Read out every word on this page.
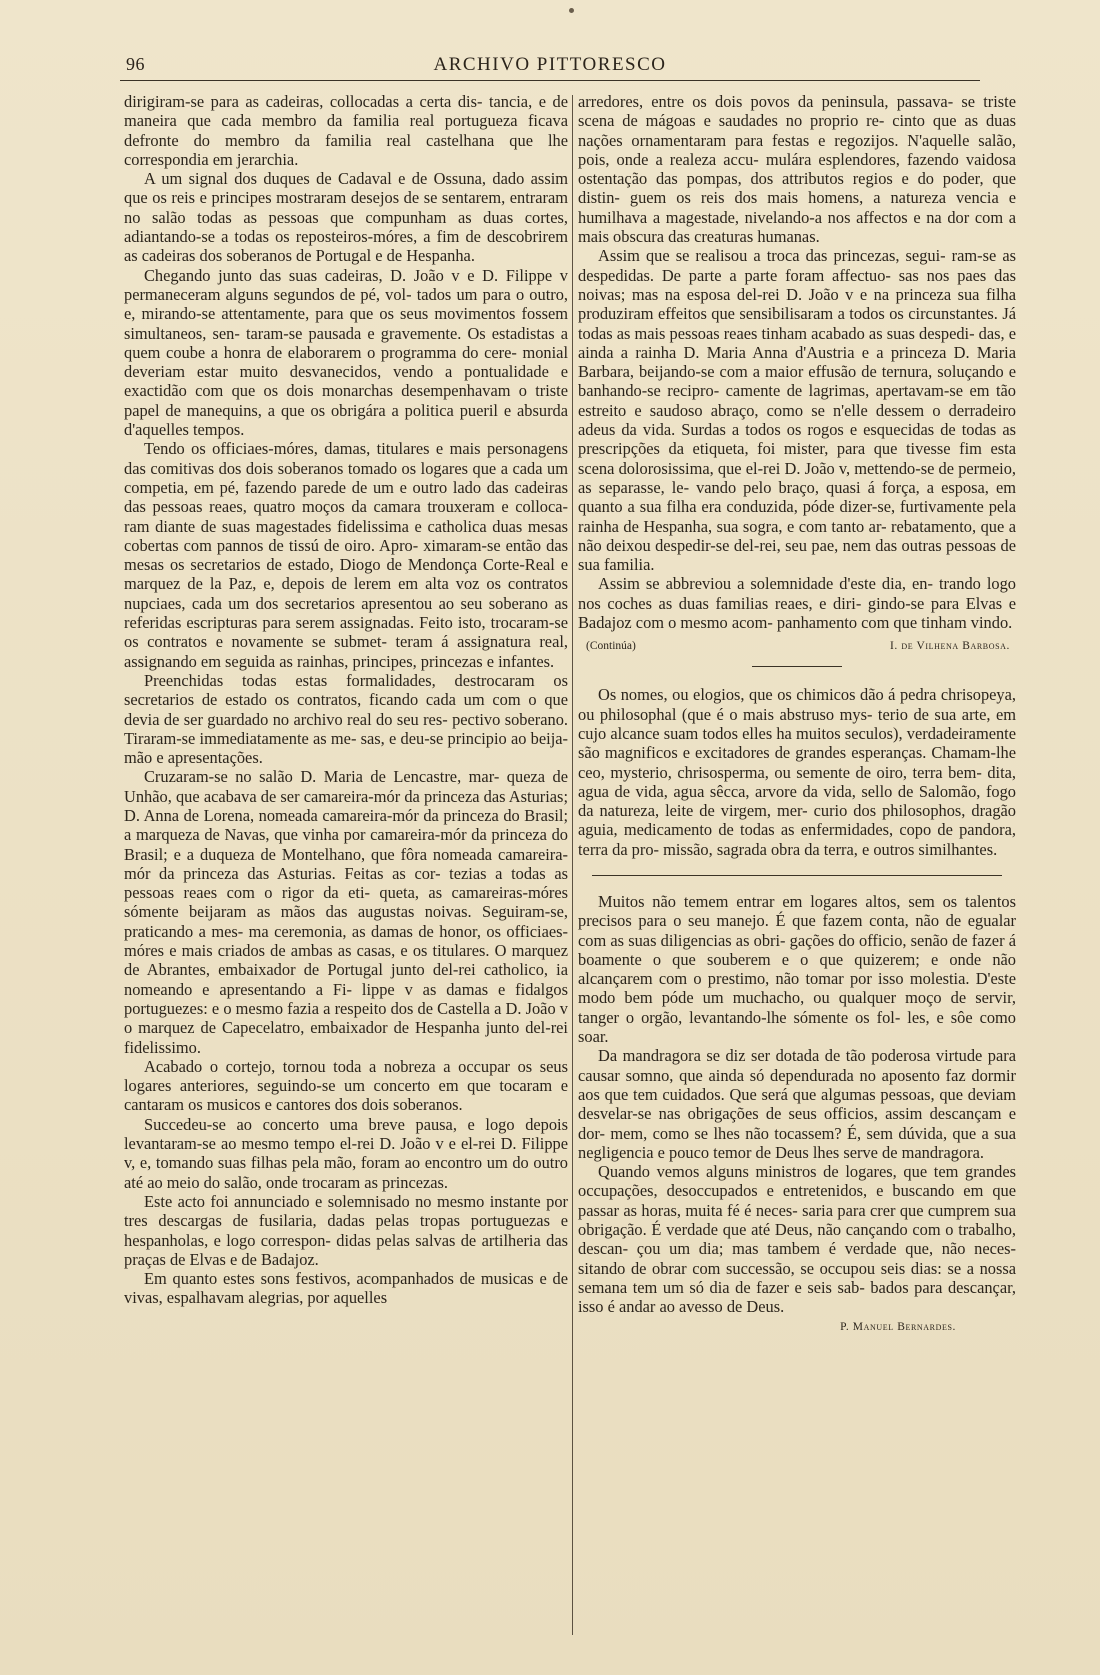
96	ARCHIVO PITTORESCO

dirigiram-se para as cadeiras, collocadas a certa dis- tancia, e de maneira que cada membro da familia real portugueza ficava defronte do membro da familia real castelhana que lhe correspondia em jerarchia.

A um signal dos duques de Cadaval e de Ossuna, dado assim que os reis e principes mostraram desejos de se sentarem, entraram no salão todas as pessoas que compunham as duas cortes, adiantando-se a todas os reposteiros-móres, a fim de descobrirem as cadeiras dos soberanos de Portugal e de Hespanha.

Chegando junto das suas cadeiras, D. João v e D. Filippe v permaneceram alguns segundos de pé, vol- tados um para o outro, e, mirando-se attentamente, para que os seus movimentos fossem simultaneos, sen- taram-se pausada e gravemente. Os estadistas a quem coube a honra de elaborarem o programma do cere- monial deveriam estar muito desvanecidos, vendo a pontualidade e exactidão com que os dois monarchas desempenhavam o triste papel de manequins, a que os obrigára a politica pueril e absurda d'aquelles tempos.

Tendo os officiaes-móres, damas, titulares e mais personagens das comitivas dos dois soberanos tomado os logares que a cada um competia, em pé, fazendo parede de um e outro lado das cadeiras das pessoas reaes, quatro moços da camara trouxeram e colloca- ram diante de suas magestades fidelissima e catholica duas mesas cobertas com pannos de tissú de oiro. Apro- ximaram-se então das mesas os secretarios de estado, Diogo de Mendonça Corte-Real e marquez de la Paz, e, depois de lerem em alta voz os contratos nupciaes, cada um dos secretarios apresentou ao seu soberano as referidas escripturas para serem assignadas. Feito isto, trocaram-se os contratos e novamente se submet- teram á assignatura real, assignando em seguida as rainhas, principes, princezas e infantes.

Preenchidas todas estas formalidades, destrocaram os secretarios de estado os contratos, ficando cada um com o que devia de ser guardado no archivo real do seu res- pectivo soberano. Tiraram-se immediatamente as me- sas, e deu-se principio ao beija-mão e apresentações.

Cruzaram-se no salão D. Maria de Lencastre, mar- queza de Unhão, que acabava de ser camareira-mór da princeza das Asturias; D. Anna de Lorena, nomeada camareira-mór da princeza do Brasil; a marqueza de Navas, que vinha por camareira-mór da princeza do Brasil; e a duqueza de Montelhano, que fôra nomeada camareira-mór da princeza das Asturias. Feitas as cor- tezias a todas as pessoas reaes com o rigor da eti- queta, as camareiras-móres sómente beijaram as mãos das augustas noivas. Seguiram-se, praticando a mes- ma ceremonia, as damas de honor, os officiaes-móres e mais criados de ambas as casas, e os titulares. O marquez de Abrantes, embaixador de Portugal junto del-rei catholico, ia nomeando e apresentando a Fi- lippe v as damas e fidalgos portuguezes: e o mesmo fazia a respeito dos de Castella a D. João v o marquez de Capecelatro, embaixador de Hespanha junto del-rei fidelissimo.

Acabado o cortejo, tornou toda a nobreza a occupar os seus logares anteriores, seguindo-se um concerto em que tocaram e cantaram os musicos e cantores dos dois soberanos.

Succedeu-se ao concerto uma breve pausa, e logo depois levantaram-se ao mesmo tempo el-rei D. João v e el-rei D. Filippe v, e, tomando suas filhas pela mão, foram ao encontro um do outro até ao meio do salão, onde trocaram as princezas.

Este acto foi annunciado e solemnisado no mesmo instante por tres descargas de fusilaria, dadas pelas tropas portuguezas e hespanholas, e logo correspon- didas pelas salvas de artilheria das praças de Elvas e de Badajoz.

Em quanto estes sons festivos, acompanhados de musicas e de vivas, espalhavam alegrias, por aquelles

arredores, entre os dois povos da peninsula, passava- se triste scena de mágoas e saudades no proprio re- cinto que as duas nações ornamentaram para festas e regozijos. N'aquelle salão, pois, onde a realeza accu- mulára esplendores, fazendo vaidosa ostentação das pompas, dos attributos regios e do poder, que distin- guem os reis dos mais homens, a natureza vencia e humilhava a magestade, nivelando-a nos affectos e na dor com a mais obscura das creaturas humanas.

Assim que se realisou a troca das princezas, segui- ram-se as despedidas. De parte a parte foram affectuo- sas nos paes das noivas; mas na esposa del-rei D. João v e na princeza sua filha produziram effeitos que sensibilisaram a todos os circunstantes. Já todas as mais pessoas reaes tinham acabado as suas despedi- das, e ainda a rainha D. Maria Anna d'Austria e a princeza D. Maria Barbara, beijando-se com a maior effusão de ternura, soluçando e banhando-se recipro- camente de lagrimas, apertavam-se em tão estreito e saudoso abraço, como se n'elle dessem o derradeiro adeus da vida. Surdas a todos os rogos e esquecidas de todas as prescripções da etiqueta, foi mister, para que tivesse fim esta scena dolorosissima, que el-rei D. João v, mettendo-se de permeio, as separasse, le- vando pelo braço, quasi á força, a esposa, em quanto a sua filha era conduzida, póde dizer-se, furtivamente pela rainha de Hespanha, sua sogra, e com tanto ar- rebatamento, que a não deixou despedir-se del-rei, seu pae, nem das outras pessoas de sua familia.

Assim se abbreviou a solemnidade d'este dia, en- trando logo nos coches as duas familias reaes, e diri- gindo-se para Elvas e Badajoz com o mesmo acom- panhamento com que tinham vindo.

(Continúa)	I. de Vilhena Barbosa.

Os nomes, ou elogios, que os chimicos dão á pedra chrisopeya, ou philosophal (que é o mais abstruso mys- terio de sua arte, em cujo alcance suam todos elles ha muitos seculos), verdadeiramente são magnificos e excitadores de grandes esperanças. Chamam-lhe ceo, mysterio, chrisosperma, ou semente de oiro, terra bem- dita, agua de vida, agua sêcca, arvore da vida, sello de Salomão, fogo da natureza, leite de virgem, mer- curio dos philosophos, dragão aguia, medicamento de todas as enfermidades, copo de pandora, terra da pro- missão, sagrada obra da terra, e outros similhantes.

Muitos não temem entrar em logares altos, sem os talentos precisos para o seu manejo. É que fazem conta, não de egualar com as suas diligencias as obri- gações do officio, senão de fazer á boamente o que souberem e o que quizerem; e onde não alcançarem com o prestimo, não tomar por isso molestia. D'este modo bem póde um muchacho, ou qualquer moço de servir, tanger o orgão, levantando-lhe sómente os fol- les, e sôe como soar.

Da mandragora se diz ser dotada de tão poderosa virtude para causar somno, que ainda só dependurada no aposento faz dormir aos que tem cuidados. Que será que algumas pessoas, que deviam desvelar-se nas obrigações de seus officios, assim descançam e dor- mem, como se lhes não tocassem? É, sem dúvida, que a sua negligencia e pouco temor de Deus lhes serve de mandragora.

Quando vemos alguns ministros de logares, que tem grandes occupações, desoccupados e entretenidos, e buscando em que passar as horas, muita fé é neces- saria para crer que cumprem sua obrigação. É verdade que até Deus, não cançando com o trabalho, descan- çou um dia; mas tambem é verdade que, não neces- sitando de obrar com successão, se occupou seis dias: se a nossa semana tem um só dia de fazer e seis sab- bados para descançar, isso é andar ao avesso de Deus.

P. Manuel Bernardes.
